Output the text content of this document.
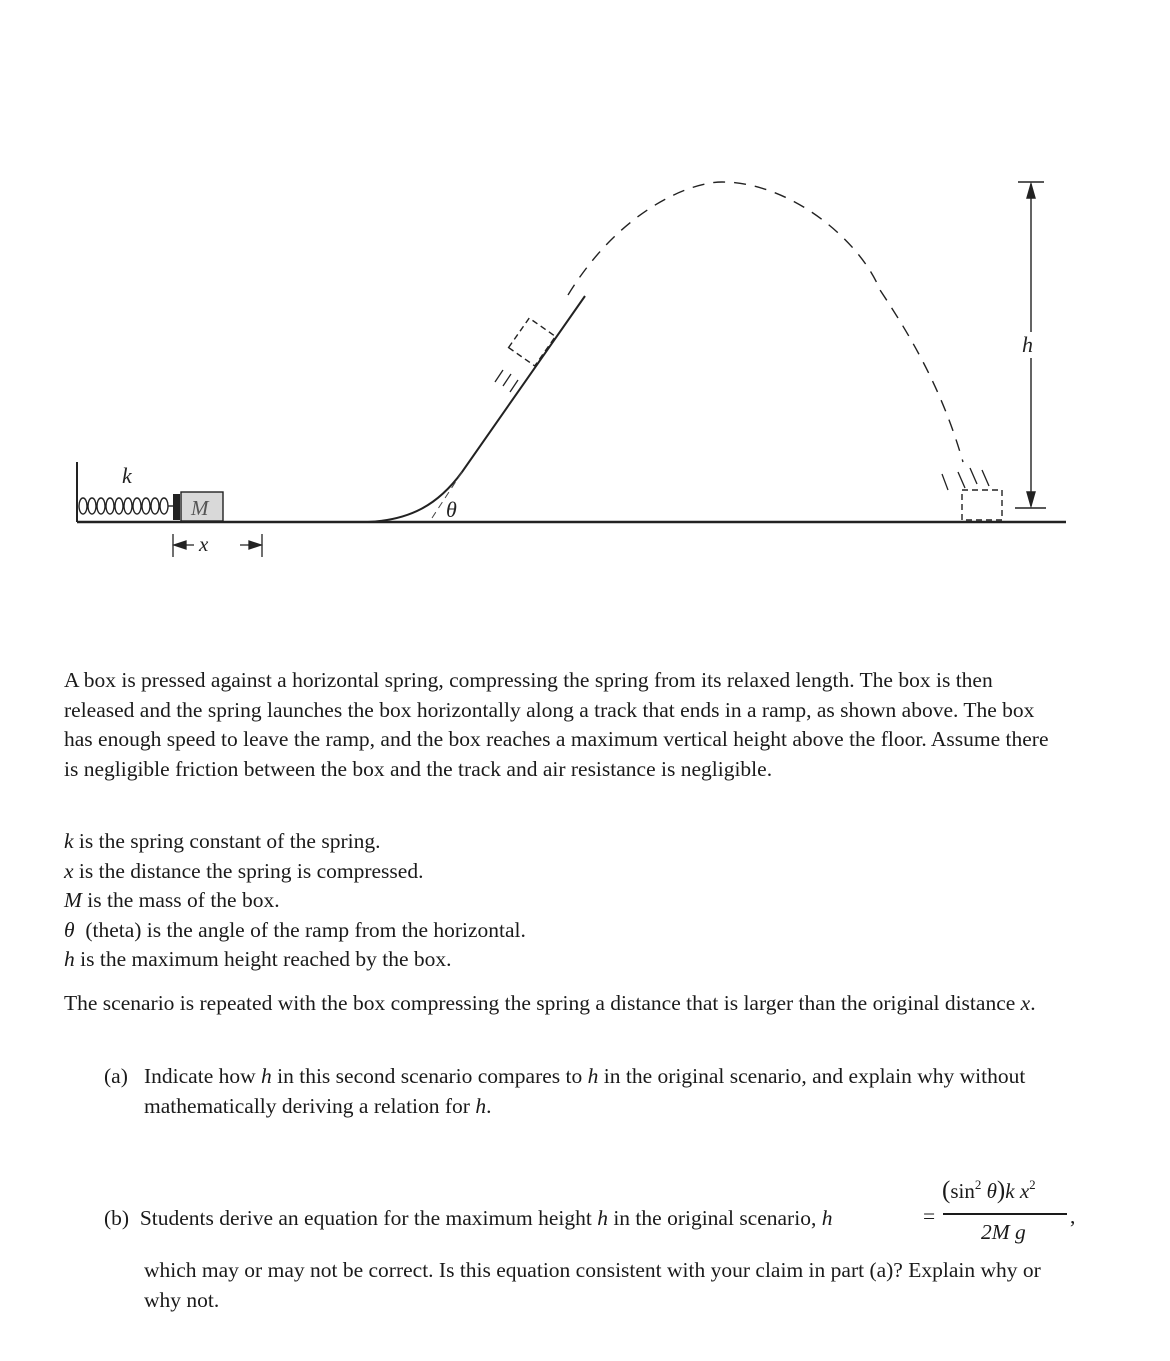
k
M
x
θ
h

A box is pressed against a horizontal spring, compressing the spring from its relaxed length. The box is then released and the spring launches the box horizontally along a track that ends in a ramp, as shown above. The box has enough speed to leave the ramp, and the box reaches a maximum vertical height above the floor. Assume there is negligible friction between the box and the track and air resistance is negligible.

k is the spring constant of the spring.
x is the distance the spring is compressed.
M is the mass of the box.
θ  (theta) is the angle of the ramp from the horizontal.
h is the maximum height reached by the box.

The scenario is repeated with the box compressing the spring a distance that is larger than the original distance x.

(a) Indicate how h in this second scenario compares to h in the original scenario, and explain why without mathematically deriving a relation for h.
(b) Students derive an equation for the maximum height h in the original scenario, h	=
($\sin^2$ θ)k $x^2$
2M g
,

which may or may not be correct. Is this equation consistent with your claim in part (a)? Explain why or why not.
